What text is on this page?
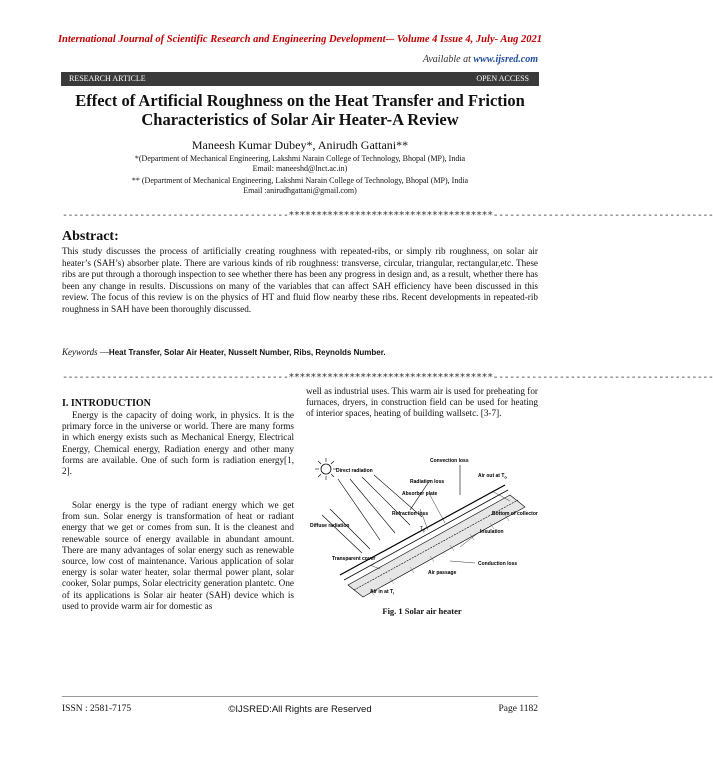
International Journal of Scientific Research and Engineering Development-– Volume 4 Issue 4, July- Aug 2021
Available at www.ijsred.com
RESEARCH ARTICLE	OPEN ACCESS
Effect of Artificial Roughness on the Heat Transfer and Friction Characteristics of Solar Air Heater-A Review
Maneesh Kumar Dubey*, Anirudh Gattani**
*(Department of Mechanical Engineering, Lakshmi Narain College of Technology, Bhopal (MP), India
Email: maneeshd@lnct.ac.in)
** (Department of Mechanical Engineering, Lakshmi Narain College of Technology, Bhopal (MP), India
Email :anirudhgattani@gmail.com)
-----------------------------------------*************************************----------------------------------------
Abstract:
This study discusses the process of artificially creating roughness with repeated-ribs, or simply rib roughness, on solar air heater’s (SAH’s) absorber plate. There are various kinds of rib roughness: transverse, circular, triangular, rectangular,etc. These ribs are put through a thorough inspection to see whether there has been any progress in design and, as a result, whether there has been any change in results. Discussions on many of the variables that can affect SAH efficiency have been discussed in this review. The focus of this review is on the physics of HT and fluid flow nearby these ribs. Recent developments in repeated-rib roughness in SAH have been thoroughly discussed.
Keywords —Heat Transfer, Solar Air Heater, Nusselt Number, Ribs, Reynolds Number.
-----------------------------------------*************************************----------------------------------------
I. INTRODUCTION
Energy is the capacity of doing work, in physics. It is the primary force in the universe or world. There are many forms in which energy exists such as Mechanical Energy, Electrical Energy, Chemical energy, Radiation energy and other many forms are available. One of such form is radiation energy[1, 2].
Solar energy is the type of radiant energy which we get from sun. Solar energy is transformation of heat or radiant energy that we get or comes from sun. It is the cleanest and renewable source of energy available in abundant amount. There are many advantages of solar energy such as renewable source, low cost of maintenance. Various application of solar energy is solar water heater, solar thermal power plant, solar cooker, Solar pumps, Solar electricity generation plantetc. One of its applications is Solar air heater (SAH) device which is used to provide warm air for domestic as
well as industrial uses. This warm air is used for preheating for furnaces, dryers, in construction field can be used for heating of interior spaces, heating of building wallsetc. [3-7].
Direct radiation
Convection loss
Radiation loss
Air out at $T_o$
Absorber plate
Diffuse radiation
Refraction loss
$T_p$
Bottom of collector
Insulation
Transparent cover
Conduction loss
Air passage
Air in at $T_i$
Fig. 1 Solar air heater
ISSN : 2581-7175	©IJSRED:All Rights are Reserved	Page 1182
